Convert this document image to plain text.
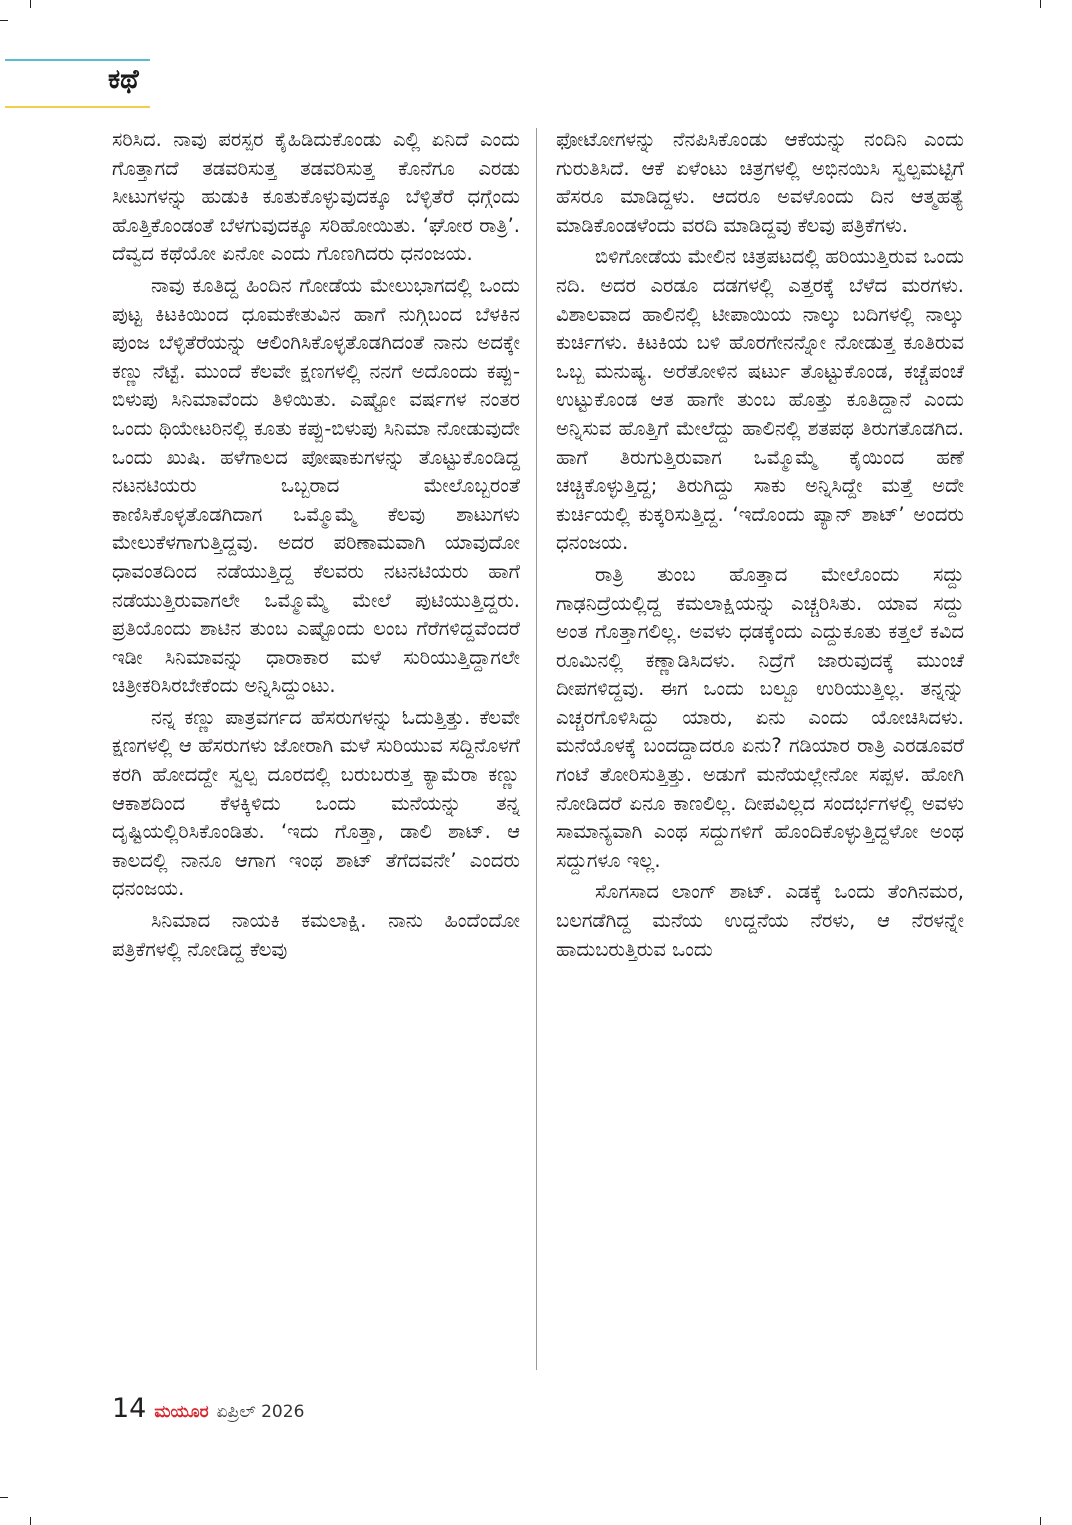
ಕಥೆ

ಸರಿಸಿದ. ನಾವು ಪರಸ್ಪರ ಕೈಹಿಡಿದುಕೊಂಡು ಎಲ್ಲಿ ಏನಿದೆ ಎಂದು ಗೊತ್ತಾಗದೆ ತಡವರಿಸುತ್ತ ತಡವರಿಸುತ್ತ ಕೊನೆಗೂ ಎರಡು ಸೀಟುಗಳನ್ನು ಹುಡುಕಿ ಕೂತುಕೊಳ್ಳುವುದಕ್ಕೂ ಬೆಳ್ಳಿತೆರೆ ಧಗ್ಗೆಂದು ಹೊತ್ತಿಕೊಂಡಂತೆ ಬೆಳಗುವುದಕ್ಕೂ ಸರಿಹೋಯಿತು. ‘ಘೋರ ರಾತ್ರಿ’. ದೆವ್ವದ ಕಥೆಯೋ ಏನೋ ಎಂದು ಗೊಣಗಿದರು ಧನಂಜಯ.

ನಾವು ಕೂತಿದ್ದ ಹಿಂದಿನ ಗೋಡೆಯ ಮೇಲುಭಾಗದಲ್ಲಿ ಒಂದು ಪುಟ್ಟ ಕಿಟಕಿಯಿಂದ ಧೂಮಕೇತುವಿನ ಹಾಗೆ ನುಗ್ಗಿಬಂದ ಬೆಳಕಿನ ಪುಂಜ ಬೆಳ್ಳಿತೆರೆಯನ್ನು ಆಲಿಂಗಿಸಿಕೊಳ್ಳತೊಡಗಿದಂತೆ ನಾನು ಅದಕ್ಕೇ ಕಣ್ಣು ನೆಟ್ಟೆ. ಮುಂದೆ ಕೆಲವೇ ಕ್ಷಣಗಳಲ್ಲಿ ನನಗೆ ಅದೊಂದು ಕಪ್ಪು-ಬಿಳುಪು ಸಿನಿಮಾವೆಂದು ತಿಳಿಯಿತು. ಎಷ್ಟೋ ವರ್ಷಗಳ ನಂತರ ಒಂದು ಥಿಯೇಟರಿನಲ್ಲಿ ಕೂತು ಕಪ್ಪು-ಬಿಳುಪು ಸಿನಿಮಾ ನೋಡುವುದೇ ಒಂದು ಖುಷಿ. ಹಳೆಗಾಲದ ಪೋಷಾಕುಗಳನ್ನು ತೊಟ್ಟುಕೊಂಡಿದ್ದ ನಟನಟಿಯರು ಒಬ್ಬರಾದ ಮೇಲೊಬ್ಬರಂತೆ ಕಾಣಿಸಿಕೊಳ್ಳತೊಡಗಿದಾಗ ಒಮ್ಮೊಮ್ಮೆ ಕೆಲವು ಶಾಟುಗಳು ಮೇಲುಕೆಳಗಾಗುತ್ತಿದ್ದವು. ಅದರ ಪರಿಣಾಮವಾಗಿ ಯಾವುದೋ ಧಾವಂತದಿಂದ ನಡೆಯುತ್ತಿದ್ದ ಕೆಲವರು ನಟನಟಿಯರು ಹಾಗೆ ನಡೆಯುತ್ತಿರುವಾಗಲೇ ಒಮ್ಮೊಮ್ಮೆ ಮೇಲೆ ಪುಟಿಯುತ್ತಿದ್ದರು. ಪ್ರತಿಯೊಂದು ಶಾಟಿನ ತುಂಬ ಎಷ್ಟೊಂದು ಲಂಬ ಗೆರೆಗಳಿದ್ದವೆಂದರೆ ಇಡೀ ಸಿನಿಮಾವನ್ನು ಧಾರಾಕಾರ ಮಳೆ ಸುರಿಯುತ್ತಿದ್ದಾಗಲೇ ಚಿತ್ರೀಕರಿಸಿರಬೇಕೆಂದು ಅನ್ನಿಸಿದ್ದುಂಟು.

ನನ್ನ ಕಣ್ಣು ಪಾತ್ರವರ್ಗದ ಹೆಸರುಗಳನ್ನು ಓದುತ್ತಿತ್ತು. ಕೆಲವೇ ಕ್ಷಣಗಳಲ್ಲಿ ಆ ಹೆಸರುಗಳು ಜೋರಾಗಿ ಮಳೆ ಸುರಿಯುವ ಸದ್ದಿನೊಳಗೆ ಕರಗಿ ಹೋದದ್ದೇ ಸ್ವಲ್ಪ ದೂರದಲ್ಲಿ ಬರುಬರುತ್ತ ಕ್ಯಾಮೆರಾ ಕಣ್ಣು ಆಕಾಶದಿಂದ ಕೆಳಕ್ಕಿಳಿದು ಒಂದು ಮನೆಯನ್ನು ತನ್ನ ದೃಷ್ಟಿಯಲ್ಲಿರಿಸಿಕೊಂಡಿತು. ‘ಇದು ಗೊತ್ತಾ, ಡಾಲಿ ಶಾಟ್. ಆ ಕಾಲದಲ್ಲಿ ನಾನೂ ಆಗಾಗ ಇಂಥ ಶಾಟ್ ತೆಗೆದವನೇ’ ಎಂದರು ಧನಂಜಯ.

ಸಿನಿಮಾದ ನಾಯಕಿ ಕಮಲಾಕ್ಷಿ. ನಾನು ಹಿಂದೆಂದೋ ಪತ್ರಿಕೆಗಳಲ್ಲಿ ನೋಡಿದ್ದ ಕೆಲವು

ಫೋಟೋಗಳನ್ನು ನೆನಪಿಸಿಕೊಂಡು ಆಕೆಯನ್ನು ನಂದಿನಿ ಎಂದು ಗುರುತಿಸಿದೆ. ಆಕೆ ಏಳೆಂಟು ಚಿತ್ರಗಳಲ್ಲಿ ಅಭಿನಯಿಸಿ ಸ್ವಲ್ಪಮಟ್ಟಿಗೆ ಹೆಸರೂ ಮಾಡಿದ್ದಳು. ಆದರೂ ಅವಳೊಂದು ದಿನ ಆತ್ಮಹತ್ಯೆ ಮಾಡಿಕೊಂಡಳೆಂದು ವರದಿ ಮಾಡಿದ್ದವು ಕೆಲವು ಪತ್ರಿಕೆಗಳು.

ಬಿಳಿಗೋಡೆಯ ಮೇಲಿನ ಚಿತ್ರಪಟದಲ್ಲಿ ಹರಿಯುತ್ತಿರುವ ಒಂದು ನದಿ. ಅದರ ಎರಡೂ ದಡಗಳಲ್ಲಿ ಎತ್ತರಕ್ಕೆ ಬೆಳೆದ ಮರಗಳು. ವಿಶಾಲವಾದ ಹಾಲಿನಲ್ಲಿ ಟೀಪಾಯಿಯ ನಾಲ್ಕು ಬದಿಗಳಲ್ಲಿ ನಾಲ್ಕು ಕುರ್ಚಿಗಳು. ಕಿಟಕಿಯ ಬಳಿ ಹೊರಗೇನನ್ನೋ ನೋಡುತ್ತ ಕೂತಿರುವ ಒಬ್ಬ ಮನುಷ್ಯ. ಅರೆತೋಳಿನ ಷರ್ಟು ತೊಟ್ಟುಕೊಂಡ, ಕಚ್ಚೆಪಂಚೆ ಉಟ್ಟುಕೊಂಡ ಆತ ಹಾಗೇ ತುಂಬ ಹೊತ್ತು ಕೂತಿದ್ದಾನೆ ಎಂದು ಅನ್ನಿಸುವ ಹೊತ್ತಿಗೆ ಮೇಲೆದ್ದು ಹಾಲಿನಲ್ಲಿ ಶತಪಥ ತಿರುಗತೊಡಗಿದ. ಹಾಗೆ ತಿರುಗುತ್ತಿರುವಾಗ ಒಮ್ಮೊಮ್ಮೆ ಕೈಯಿಂದ ಹಣೆ ಚಚ್ಚಿಕೊಳ್ಳುತ್ತಿದ್ದ; ತಿರುಗಿದ್ದು ಸಾಕು ಅನ್ನಿಸಿದ್ದೇ ಮತ್ತೆ ಅದೇ ಕುರ್ಚಿಯಲ್ಲಿ ಕುಕ್ಕರಿಸುತ್ತಿದ್ದ. ‘ಇದೊಂದು ಪ್ಯಾನ್ ಶಾಟ್’ ಅಂದರು ಧನಂಜಯ.

ರಾತ್ರಿ ತುಂಬ ಹೊತ್ತಾದ ಮೇಲೊಂದು ಸದ್ದು ಗಾಢನಿದ್ರೆಯಲ್ಲಿದ್ದ ಕಮಲಾಕ್ಷಿಯನ್ನು ಎಚ್ಚರಿಸಿತು. ಯಾವ ಸದ್ದು ಅಂತ ಗೊತ್ತಾಗಲಿಲ್ಲ. ಅವಳು ಧಡಕ್ಕೆಂದು ಎದ್ದುಕೂತು ಕತ್ತಲೆ ಕವಿದ ರೂಮಿನಲ್ಲಿ ಕಣ್ಣಾಡಿಸಿದಳು. ನಿದ್ರೆಗೆ ಜಾರುವುದಕ್ಕೆ ಮುಂಚೆ ದೀಪಗಳಿದ್ದವು. ಈಗ ಒಂದು ಬಲ್ಬೂ ಉರಿಯುತ್ತಿಲ್ಲ. ತನ್ನನ್ನು ಎಚ್ಚರಗೊಳಿಸಿದ್ದು ಯಾರು, ಏನು ಎಂದು ಯೋಚಿಸಿದಳು. ಮನೆಯೊಳಕ್ಕೆ ಬಂದದ್ದಾದರೂ ಏನು? ಗಡಿಯಾರ ರಾತ್ರಿ ಎರಡೂವರೆ ಗಂಟೆ ತೋರಿಸುತ್ತಿತ್ತು. ಅಡುಗೆ ಮನೆಯಲ್ಲೇನೋ ಸಪ್ಪಳ. ಹೋಗಿ ನೋಡಿದರೆ ಏನೂ ಕಾಣಲಿಲ್ಲ. ದೀಪವಿಲ್ಲದ ಸಂದರ್ಭಗಳಲ್ಲಿ ಅವಳು ಸಾಮಾನ್ಯವಾಗಿ ಎಂಥ ಸದ್ದುಗಳಿಗೆ ಹೊಂದಿಕೊಳ್ಳುತ್ತಿದ್ದಳೋ ಅಂಥ ಸದ್ದುಗಳೂ ಇಲ್ಲ.

ಸೊಗಸಾದ ಲಾಂಗ್ ಶಾಟ್. ಎಡಕ್ಕೆ ಒಂದು ತೆಂಗಿನಮರ, ಬಲಗಡೆಗಿದ್ದ ಮನೆಯ ಉದ್ದನೆಯ ನೆರಳು, ಆ ನೆರಳನ್ನೇ ಹಾದುಬರುತ್ತಿರುವ ಒಂದು

14 ಮಯೂರ ಏಪ್ರಿಲ್ 2026
